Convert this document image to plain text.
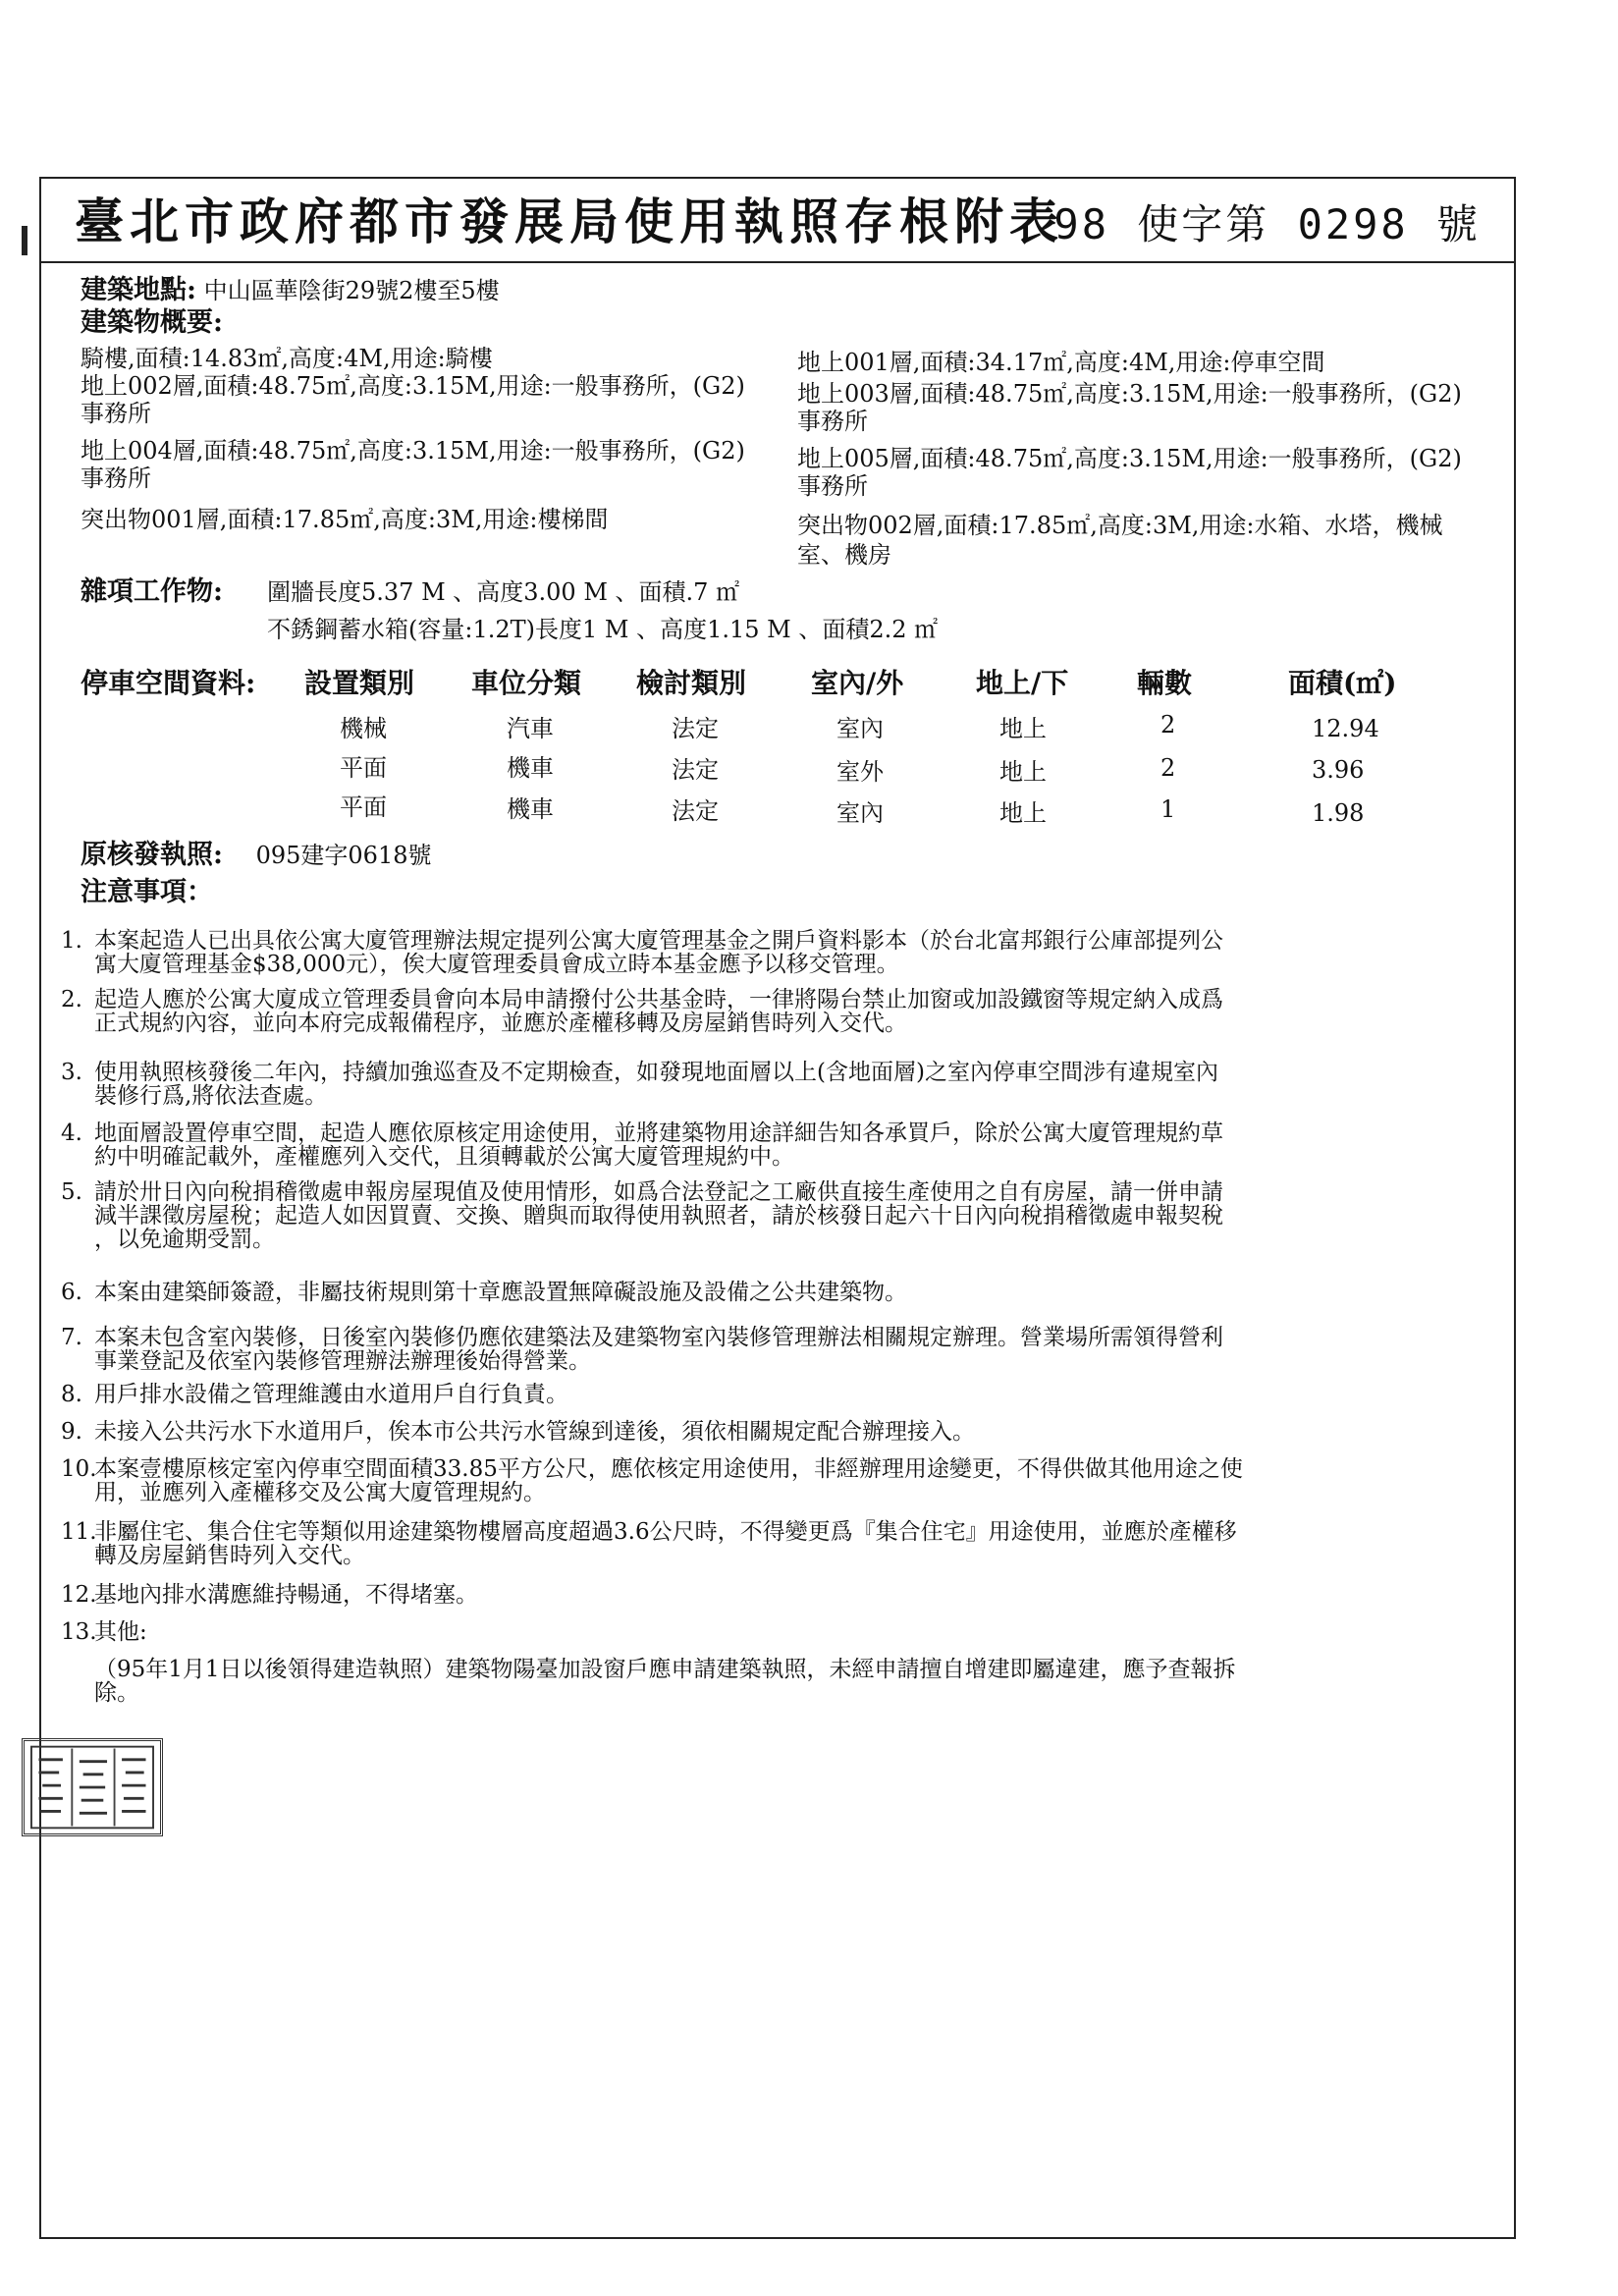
臺北市政府都市發展局使用執照存根附表
98 使字第 0298 號
建築地點: 中山區華陰街29號2樓至5樓
建築物概要:
騎樓,面積:14.83㎡,高度:4M,用途:騎樓
地上002層,面積:48.75㎡,高度:3.15M,用途:一般事務所，(G2)
事務所
地上004層,面積:48.75㎡,高度:3.15M,用途:一般事務所，(G2)
事務所
突出物001層,面積:17.85㎡,高度:3M,用途:樓梯間
地上001層,面積:34.17㎡,高度:4M,用途:停車空間
地上003層,面積:48.75㎡,高度:3.15M,用途:一般事務所，(G2)
事務所
地上005層,面積:48.75㎡,高度:3.15M,用途:一般事務所，(G2)
事務所
突出物002層,面積:17.85㎡,高度:3M,用途:水箱、水塔，機械
室、機房
雜項工作物: 圍牆長度5.37 M 、高度3.00 M 、面積.7 ㎡
不銹鋼蓄水箱(容量:1.2T)長度1 M 、高度1.15 M 、面積2.2 ㎡
停車空間資料: 設置類別 車位分類 檢討類別 室內/外	地上/下 輛數	面積(㎡)
機械	汽車	法定	室內	地上	2	12.94
平面	機車	法定	室外	地上	2	3.96
平面	機車	法定	室內	地上	1	1.98
原核發執照: 095建字0618號
注意事項：
1. 本案起造人已出具依公寓大廈管理辦法規定提列公寓大廈管理基金之開戶資料影本（於台北富邦銀行公庫部提列公
寓大廈管理基金$38,000元），俟大廈管理委員會成立時本基金應予以移交管理。
2. 起造人應於公寓大廈成立管理委員會向本局申請撥付公共基金時，一律將陽台禁止加窗或加設鐵窗等規定納入成爲
正式規約內容，並向本府完成報備程序，並應於產權移轉及房屋銷售時列入交代。
3. 使用執照核發後二年內，持續加強巡查及不定期檢查，如發現地面層以上(含地面層)之室內停車空間涉有違規室內
裝修行爲,將依法查處。
4. 地面層設置停車空間，起造人應依原核定用途使用，並將建築物用途詳細告知各承買戶，除於公寓大廈管理規約草
約中明確記載外，產權應列入交代，且須轉載於公寓大廈管理規約中。
5. 請於卅日內向稅捐稽徵處申報房屋現值及使用情形，如爲合法登記之工廠供直接生產使用之自有房屋，請一併申請
減半課徵房屋稅；起造人如因買賣、交換、贈與而取得使用執照者，請於核發日起六十日內向稅捐稽徵處申報契稅
，以免逾期受罰。
6. 本案由建築師簽證，非屬技術規則第十章應設置無障礙設施及設備之公共建築物。
7. 本案未包含室內裝修，日後室內裝修仍應依建築法及建築物室內裝修管理辦法相關規定辦理。營業場所需領得營利
事業登記及依室內裝修管理辦法辦理後始得營業。
8. 用戶排水設備之管理維護由水道用戶自行負責。
9. 未接入公共污水下水道用戶，俟本市公共污水管線到達後，須依相關規定配合辦理接入。
10.
本案壹樓原核定室內停車空間面積33.85平方公尺，應依核定用途使用，非經辦理用途變更，不得供做其他用途之使
用，並應列入產權移交及公寓大廈管理規約。
11.
非屬住宅、集合住宅等類似用途建築物樓層高度超過3.6公尺時，不得變更爲『集合住宅』用途使用，並應於產權移
轉及房屋銷售時列入交代。
12.
基地內排水溝應維持暢通，不得堵塞。
13.
其他:
（95年1月1日以後領得建造執照）建築物陽臺加設窗戶應申請建築執照，未經申請擅自增建即屬違建，應予查報拆
除。
